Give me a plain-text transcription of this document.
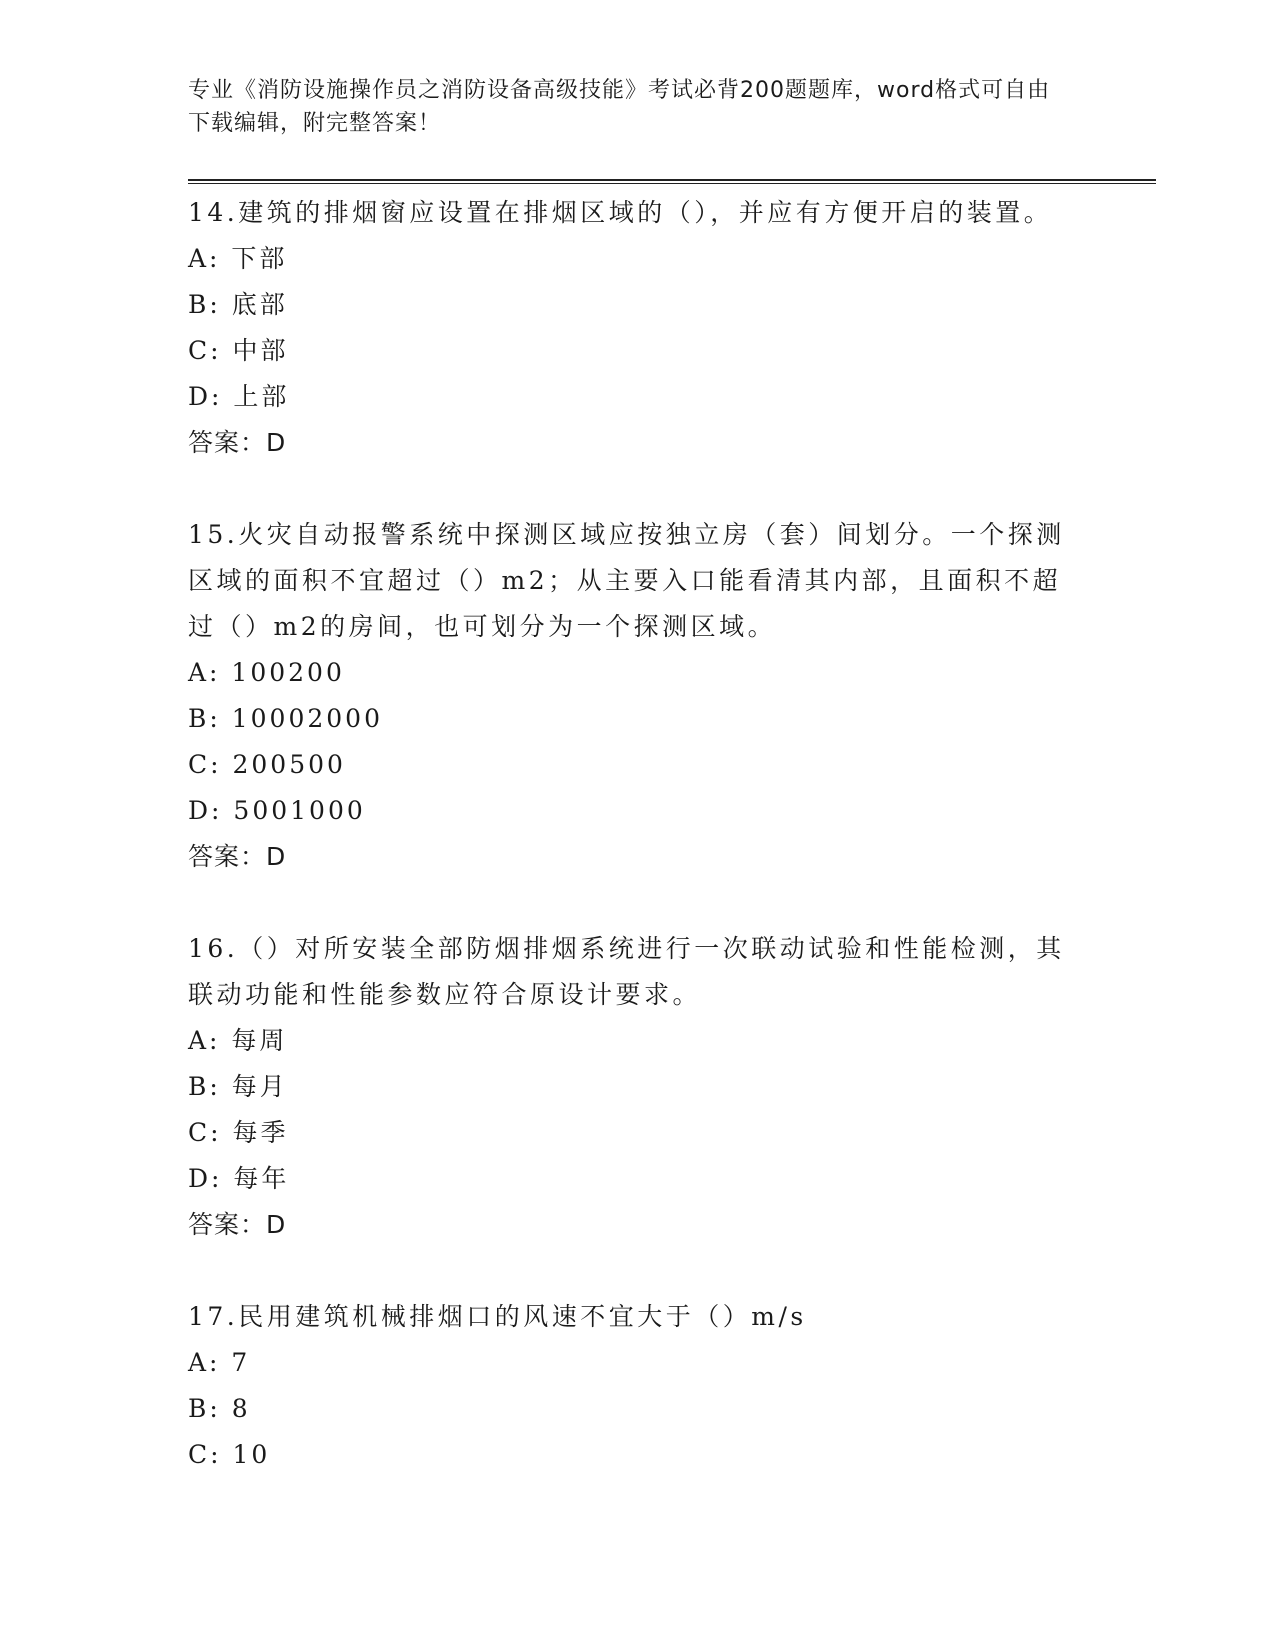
专业《消防设施操作员之消防设备高级技能》考试必背200题题库，word格式可自由下载编辑，附完整答案！

14.建筑的排烟窗应设置在排烟区域的（），并应有方便开启的装置。

A: 下部

B: 底部

C: 中部

D: 上部

答案：D

15.火灾自动报警系统中探测区域应按独立房（套）间划分。一个探测区域的面积不宜超过（）m2；从主要入口能看清其内部，且面积不超过（）m2的房间，也可划分为一个探测区域。

A: 100200

B: 10002000

C: 200500

D: 5001000

答案：D

16.（）对所安装全部防烟排烟系统进行一次联动试验和性能检测，其联动功能和性能参数应符合原设计要求。

A: 每周

B: 每月

C: 每季

D: 每年

答案：D

17.民用建筑机械排烟口的风速不宜大于（）m/s

A: 7

B: 8

C: 10
